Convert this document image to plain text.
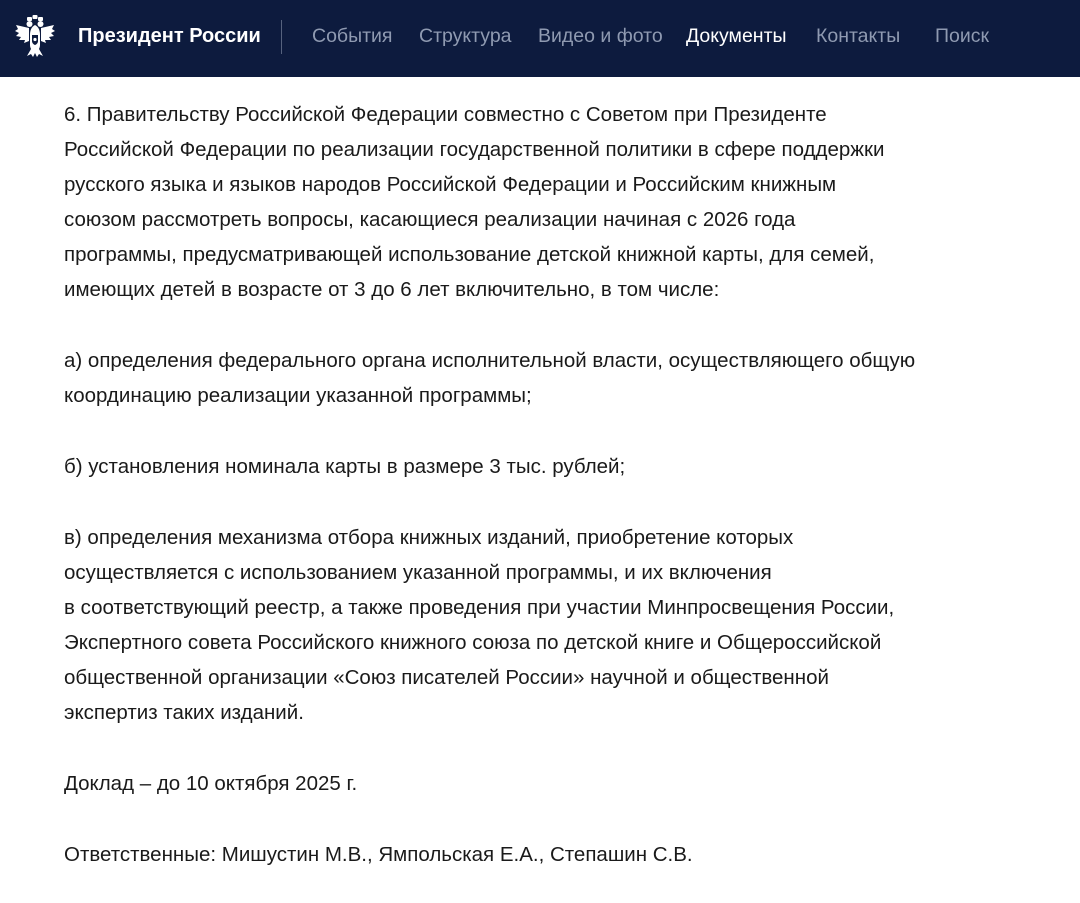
Президент России	События Структура Видео и фото Документы Контакты Поиск

6. Правительству Российской Федерации совместно с Советом при Президенте
Российской Федерации по реализации государственной политики в сфере поддержки
русского языка и языков народов Российской Федерации и Российским книжным
союзом рассмотреть вопросы, касающиеся реализации начиная с 2026 года
программы, предусматривающей использование детской книжной карты, для семей,
имеющих детей в возрасте от 3 до 6 лет включительно, в том числе:

а) определения федерального органа исполнительной власти, осуществляющего общую
координацию реализации указанной программы;

б) установления номинала карты в размере 3 тыс. рублей;

в) определения механизма отбора книжных изданий, приобретение которых
осуществляется с использованием указанной программы, и их включения
в соответствующий реестр, а также проведения при участии Минпросвещения России,
Экспертного совета Российского книжного союза по детской книге и Общероссийской
общественной организации «Союз писателей России» научной и общественной
экспертиз таких изданий.

Доклад – до 10 октября 2025 г.

Ответственные: Мишустин М.В., Ямпольская Е.А., Степашин С.В.
